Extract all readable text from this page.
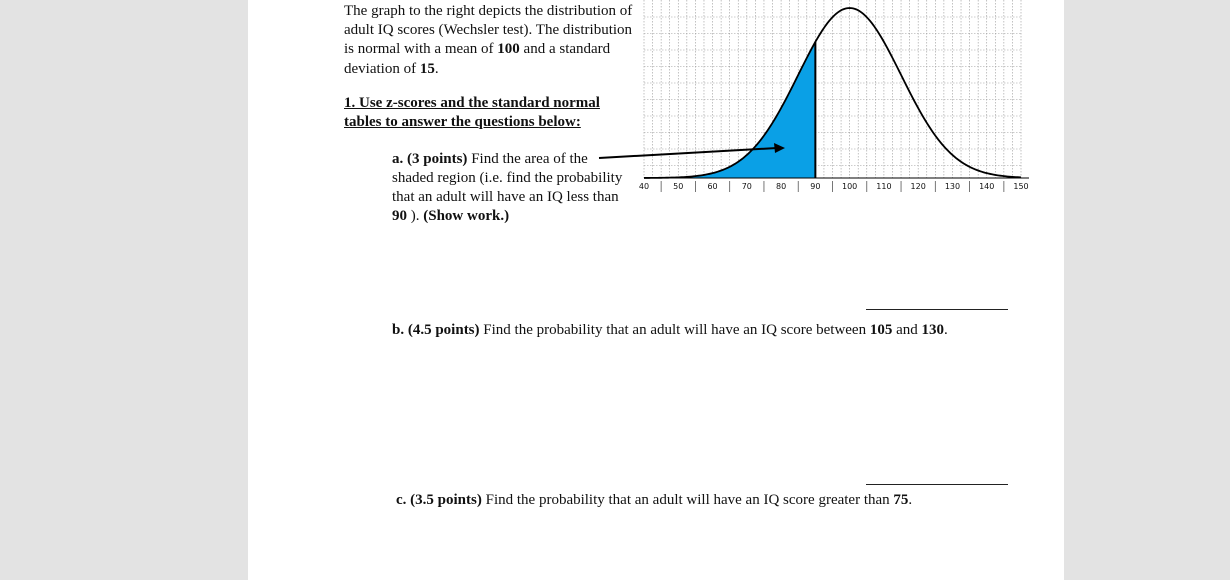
The graph to the right depicts the distribution of adult IQ scores (Wechsler test). The distribution is normal with a mean of 100 and a standard deviation of 15.
1. Use z-scores and the standard normal tables to answer the questions below:
a. (3 points) Find the area of the shaded region (i.e. find the probability that an adult will have an IQ less than 90 ). (Show work.)
b. (4.5 points) Find the probability that an adult will have an IQ score between 105 and 130.
c. (3.5 points) Find the probability that an adult will have an IQ score greater than 75.
40	50	60	70	80	90	100 110 120 130 140 150
